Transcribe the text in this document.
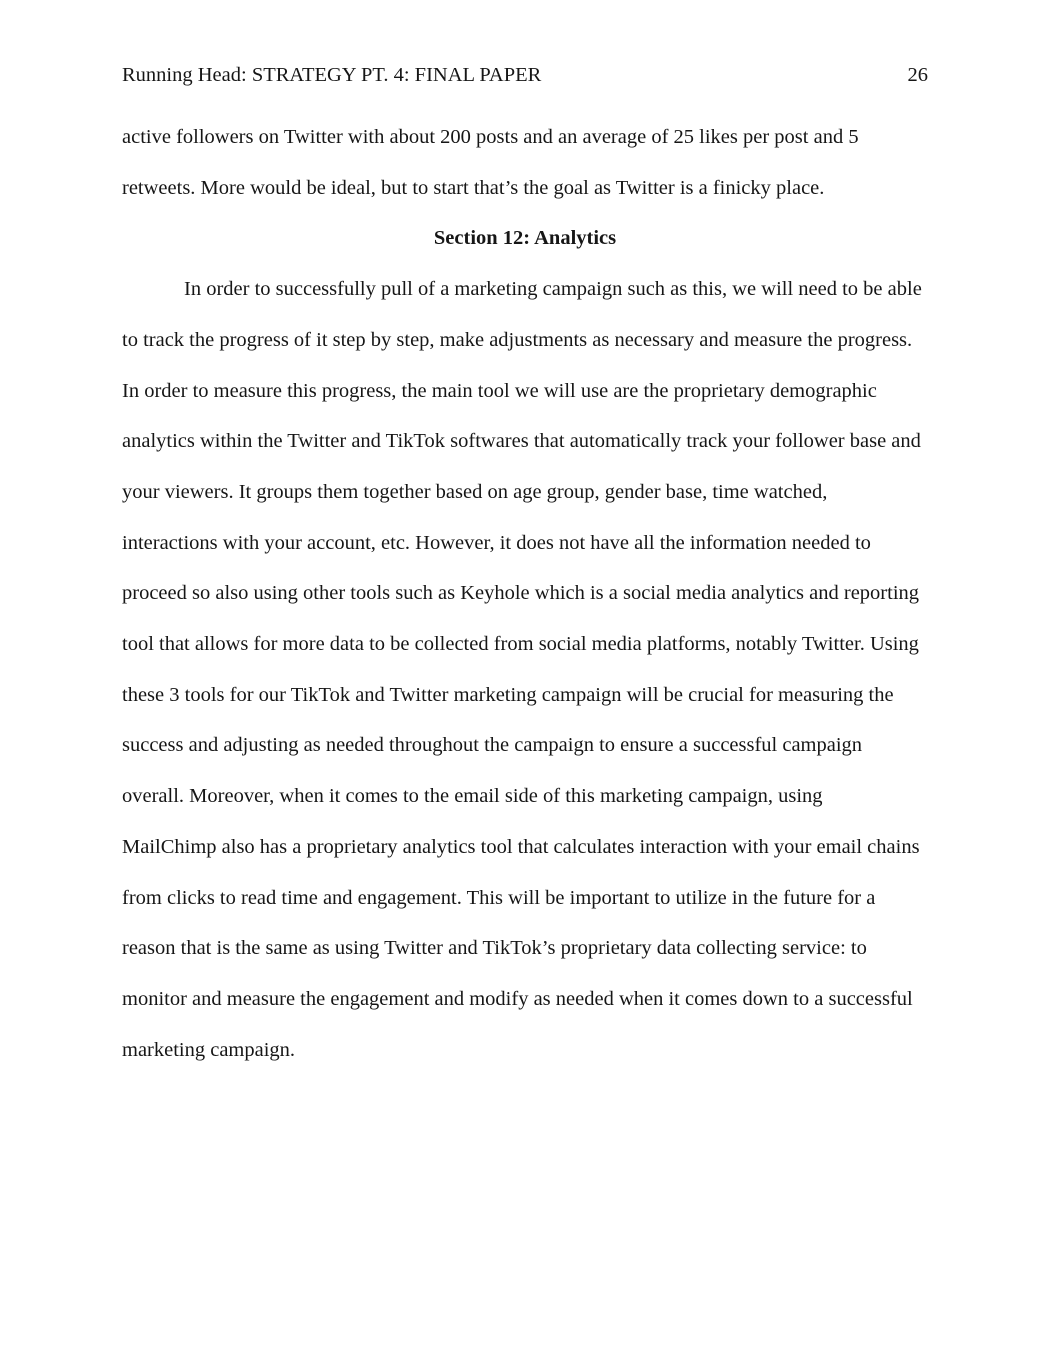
Running Head: STRATEGY PT. 4: FINAL PAPER	26
active followers on Twitter with about 200 posts and an average of 25 likes per post and 5
retweets. More would be ideal, but to start that’s the goal as Twitter is a finicky place.
Section 12: Analytics
In order to successfully pull of a marketing campaign such as this, we will need to be able
to track the progress of it step by step, make adjustments as necessary and measure the progress.
In order to measure this progress, the main tool we will use are the proprietary demographic
analytics within the Twitter and TikTok softwares that automatically track your follower base and
your viewers. It groups them together based on age group, gender base, time watched,
interactions with your account, etc. However, it does not have all the information needed to
proceed so also using other tools such as Keyhole which is a social media analytics and reporting
tool that allows for more data to be collected from social media platforms, notably Twitter. Using
these 3 tools for our TikTok and Twitter marketing campaign will be crucial for measuring the
success and adjusting as needed throughout the campaign to ensure a successful campaign
overall. Moreover, when it comes to the email side of this marketing campaign, using
MailChimp also has a proprietary analytics tool that calculates interaction with your email chains
from clicks to read time and engagement. This will be important to utilize in the future for a
reason that is the same as using Twitter and TikTok’s proprietary data collecting service: to
monitor and measure the engagement and modify as needed when it comes down to a successful
marketing campaign.
